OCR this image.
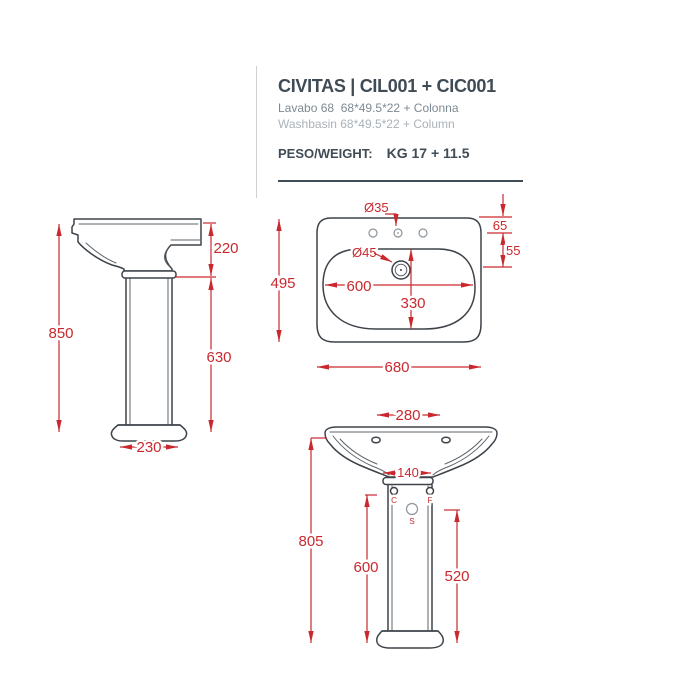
CIVITAS | CIL001 + CIC001
Lavabo 68  68*49.5*22 + Colonna
Washbasin 68*49.5*22 + Column
PESO/WEIGHT: KG 17 + 11.5
850
220
630
230
Ø35
Ø45
495	600
330
680
65
55
280
140
C	F
S
805
600
520
